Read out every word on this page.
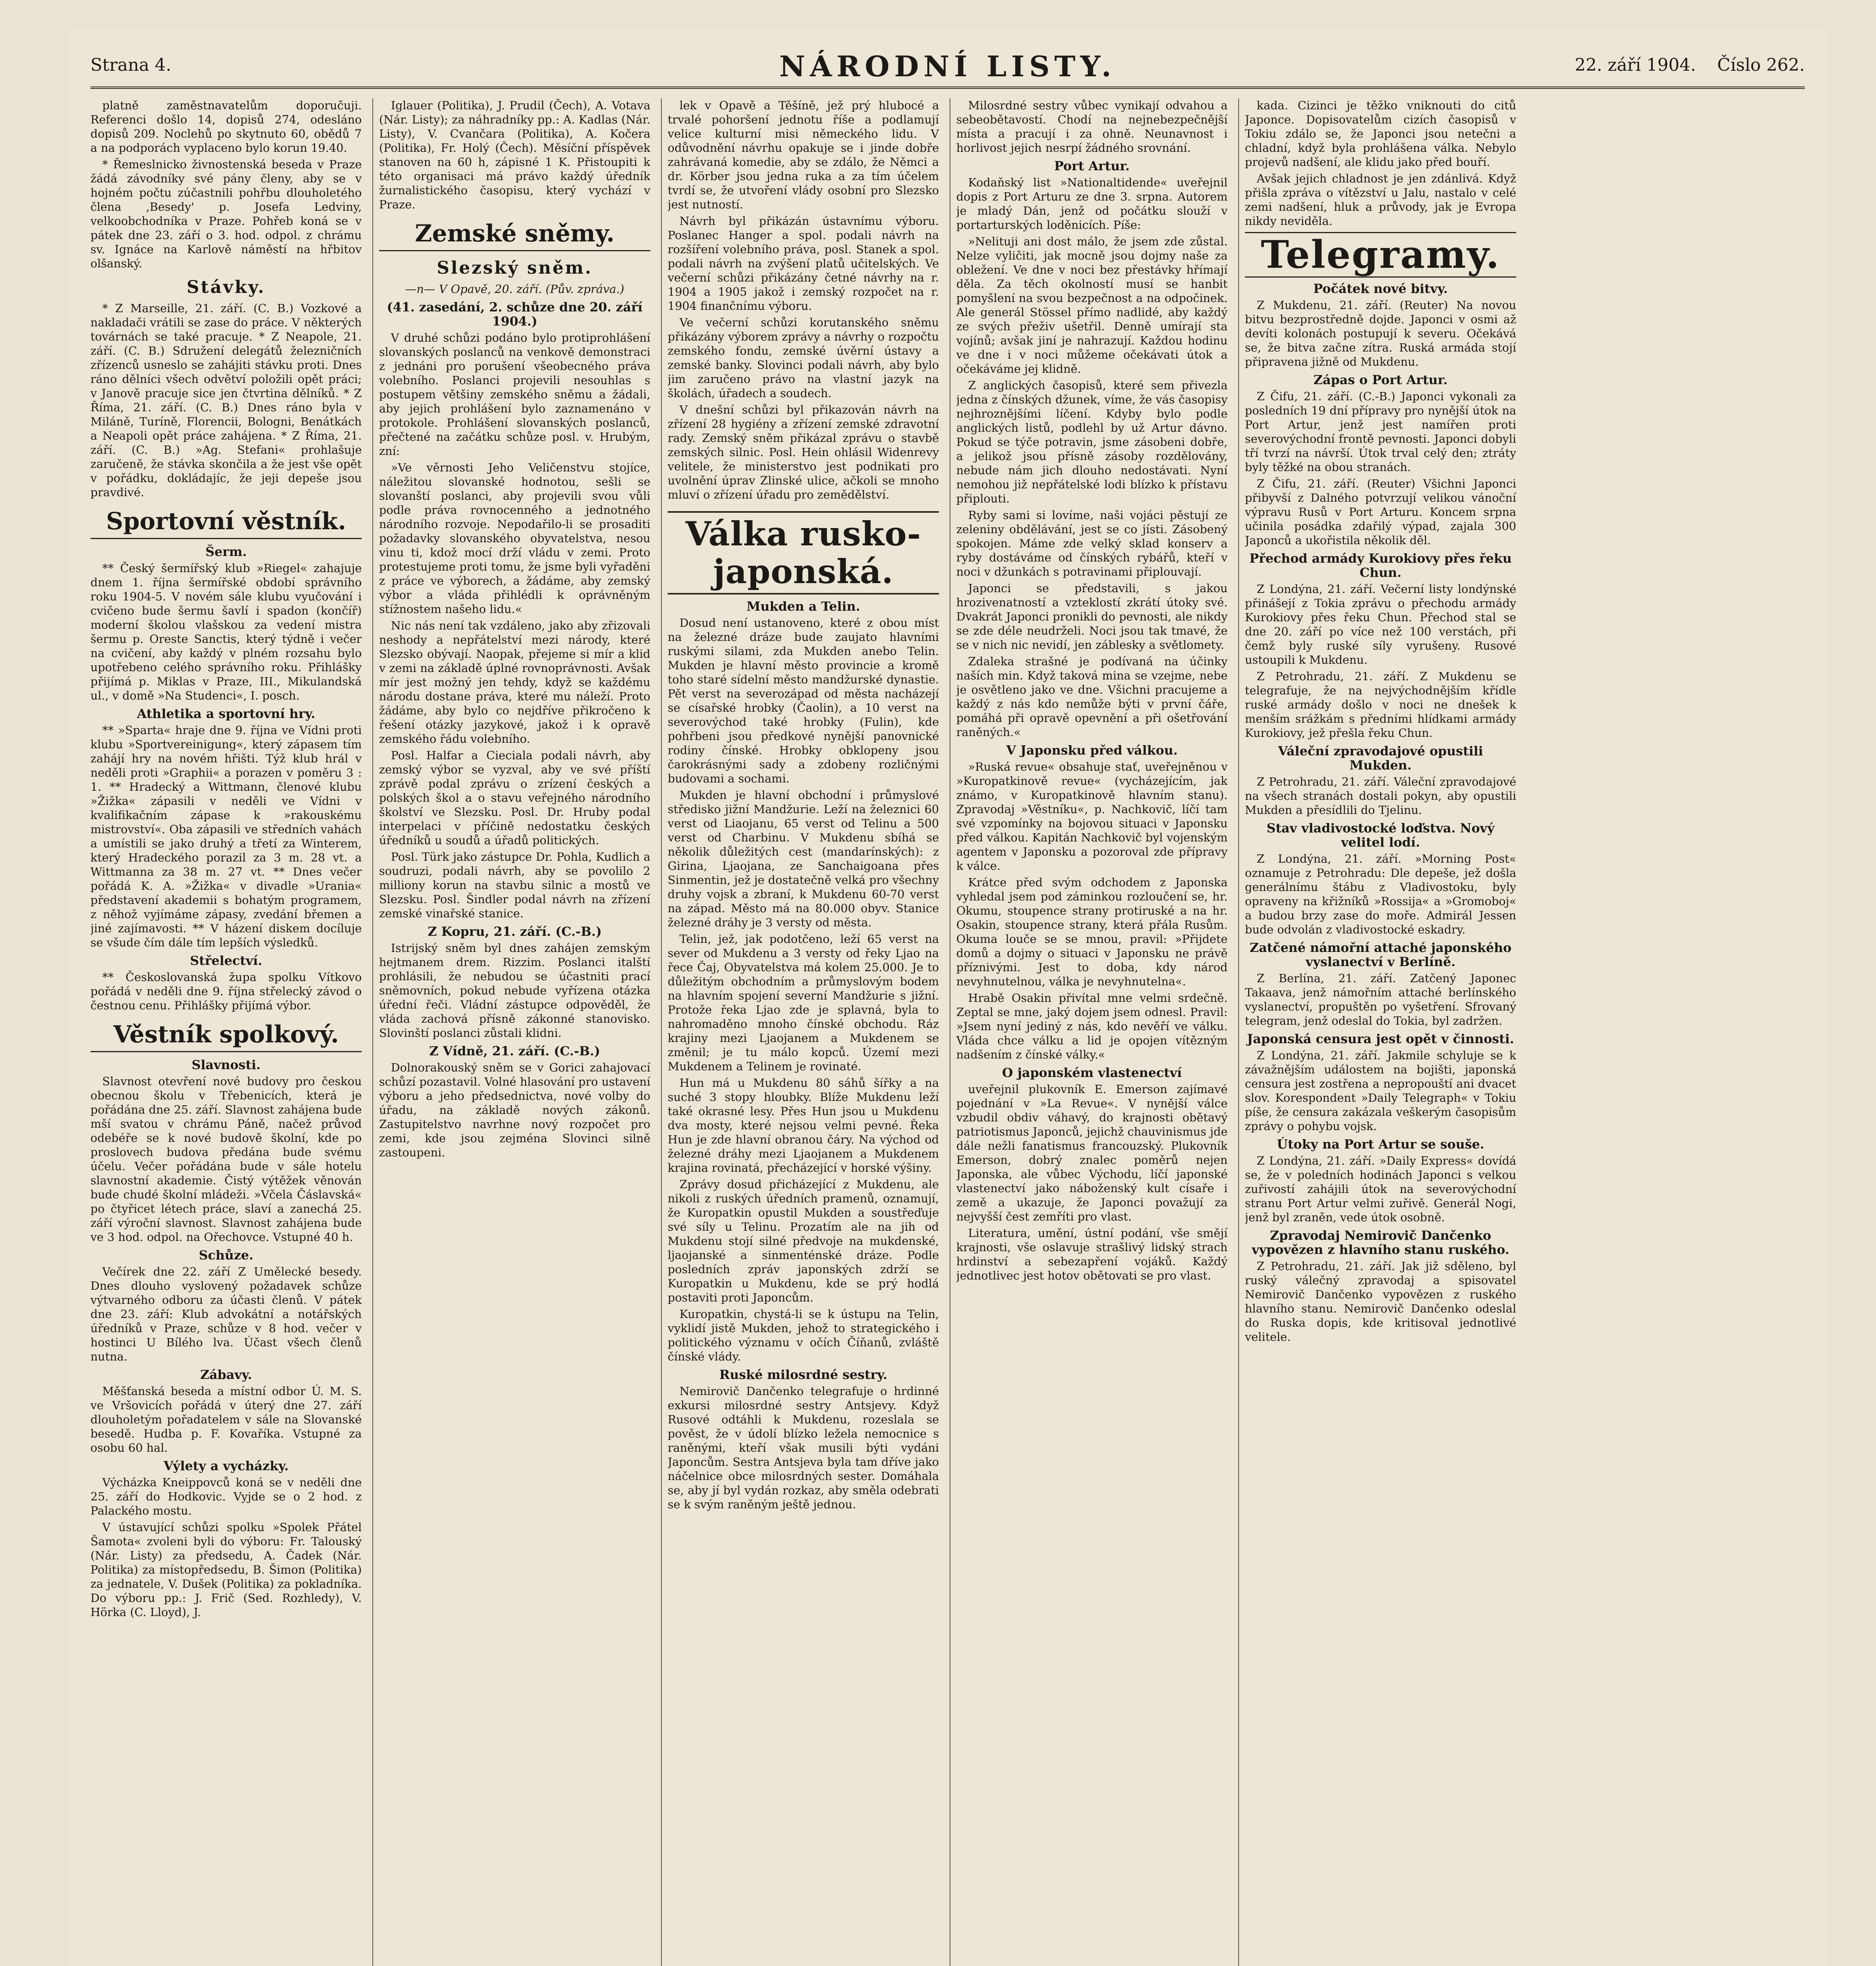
Strana 4.	NÁRODNÍ LISTY.	22. září 1904. Číslo 262.

platně zaměstnavatelům doporučuji. Referenci došlo 14, dopisů 274, odesláno dopisů 209. Noclehů po skytnuto 60, obědů 7 a na podporách vyplaceno bylo korun 19.40.

* Řemeslnicko živnostenská beseda v Praze žádá závodníky své pány členy, aby se v hojném počtu zúčastnili pohřbu dlouholetého člena ,Besedy' p. Josefa Ledviny, velkoobchodníka v Praze. Pohřeb koná se v pátek dne 23. září o 3. hod. odpol. z chrámu sv. Ignáce na Karlově náměstí na hřbitov olšanský.

Stávky.

* Z Marseille, 21. září. (C. B.) Vozkové a nakladači vrátili se zase do práce. V některých továrnách se také pracuje. * Z Neapole, 21. září. (C. B.) Sdružení delegátů železničních zřízenců usneslo se zahájiti stávku proti. Dnes ráno dělníci všech odvětví položili opět práci; v Janově pracuje sice jen čtvrtina dělníků. * Z Říma, 21. září. (C. B.) Dnes ráno byla v Miláně, Turíně, Florencii, Bologni, Benátkách a Neapoli opět práce zahájena. * Z Říma, 21. září. (C. B.) »Ag. Stefani« prohlašuje zaručeně, že stávka skončila a že jest vše opět v pořádku, dokládajíc, že jeji depeše jsou pravdivé.

Sportovní věstník.
Šerm.

** Český šermířský klub »Riegel« zahajuje dnem 1. října šermířské období správního roku 1904-5. V novém sále klubu vyučování i cvičeno bude šermu šavlí i spadon (končíř) moderní školou vlašskou za vedení mistra šermu p. Oreste Sanctis, který týdně i večer na cvičení, aby každý v plném rozsahu bylo upotřebeno celého správního roku. Přihlášky přijímá p. Miklas v Praze, III., Mikulandská ul., v domě »Na Studenci«, I. posch.

Athletika a sportovní hry.

** »Sparta« hraje dne 9. října ve Vídni proti klubu »Sportvereinigung«, který zápasem tím zahájí hry na novém hřišti. Týž klub hrál v neděli proti »Graphii« a porazen v poměru 3 : 1. ** Hradecký a Wittmann, členové klubu »Žižka« zápasili v neděli ve Vídni v kvalifikačním zápase k »rakouskému mistrovství«. Oba zápasili ve středních vahách a umístili se jako druhý a třetí za Winterem, který Hradeckého porazil za 3 m. 28 vt. a Wittmanna za 38 m. 27 vt. ** Dnes večer pořádá K. A. »Žižka« v divadle »Urania« představení akademii s bohatým programem, z něhož vyjímáme zápasy, zvedání břemen a jiné zajímavosti. ** V házení diskem docíluje se všude čím dále tím lepších výsledků.

Střelectví.

** Českoslovanská župa spolku Vítkovo pořádá v neděli dne 9. října střelecký závod o čestnou cenu. Přihlášky přijímá výbor.

Věstník spolkový.
Slavnosti.

Slavnost otevření nové budovy pro českou obecnou školu v Třebenicích, která je pořádána dne 25. září. Slavnost zahájena bude mší svatou v chrámu Páně, načež průvod odebéře se k nové budově školní, kde po proslovech budova předána bude svému účelu. Večer pořádána bude v sále hotelu slavnostní akademie. Čistý výtěžek věnován bude chudé školní mládeži. »Včela Čáslavská« po čtyřicet létech práce, slaví a zanechá 25. září výroční slavnost. Slavnost zahájena bude ve 3 hod. odpol. na Ořechovce. Vstupné 40 h.

Schůze.

Večírek dne 22. září Z Umělecké besedy. Dnes dlouho vyslovený požadavek schůze výtvarného odboru za účasti členů. V pátek dne 23. září: Klub advokátní a notářských úředníků v Praze, schůze v 8 hod. večer v hostinci U Bílého lva. Účast všech členů nutna.

Zábavy.

Měšťanská beseda a místní odbor Ú. M. S. ve Vršovicích pořádá v úterý dne 27. září dlouholetým pořadatelem v sále na Slovanské besedě. Hudba p. F. Kovaříka. Vstupné za osobu 60 hal.

Výlety a vycházky.

Výcházka Kneippovců koná se v neděli dne 25. září do Hodkovic. Vyjde se o 2 hod. z Palackého mostu.

V ústavující schůzi spolku »Spolek Přátel Šamota« zvoleni byli do výboru: Fr. Talouský (Nár. Listy) za předsedu, A. Čadek (Nár. Politika) za místopředsedu, B. Šimon (Politika) za jednatele, V. Dušek (Politika) za pokladníka. Do výboru pp.: J. Frič (Sed. Rozhledy), V. Hörka (C. Lloyd), J.

Iglauer (Politika), J. Prudil (Čech), A. Votava (Nár. Listy); za náhradníky pp.: A. Kadlas (Nár. Listy), V. Cvančara (Politika), A. Kočera (Politika), Fr. Holý (Čech). Měsíční příspěvek stanoven na 60 h, zápisné 1 K. Přistoupiti k této organisaci má právo každý úředník žurnalistického časopisu, který vychází v Praze.

Zemské sněmy.
Slezský sněm.
—n— V Opavě, 20. září. (Pův. zpráva.)
(41. zasedání, 2. schůze dne 20. září 1904.)

V druhé schůzi podáno bylo protiprohlášení slovanských poslanců na venkově demonstraci z jednáni pro porušení všeobecného práva volebního. Poslanci projevili nesouhlas s postupem většiny zemského sněmu a žádali, aby jejich prohlášení bylo zaznamenáno v protokole. Prohlášení slovanských poslanců, přečtené na začátku schůze posl. v. Hrubým, zní:

»Ve věrnosti Jeho Veličenstvu stojíce, náležitou slovanské hodnotou, sešli se slovanští poslanci, aby projevili svou vůli podle práva rovnocenného a jednotného národního rozvoje. Nepodařilo-li se prosaditi požadavky slovanského obyvatelstva, nesou vinu ti, kdož mocí drží vládu v zemi. Proto protestujeme proti tomu, že jsme byli vyřaděni z práce ve výborech, a žádáme, aby zemský výbor a vláda přihlédli k oprávněným stížnostem našeho lidu.«

Nic nás není tak vzdáleno, jako aby zřizovali neshody a nepřátelství mezi národy, které Slezsko obývají. Naopak, přejeme si mír a klid v zemi na základě úplné rovnoprávnosti. Avšak mír jest možný jen tehdy, když se každému národu dostane práva, které mu náleží. Proto žádáme, aby bylo co nejdříve přikročeno k řešení otázky jazykové, jakož i k opravě zemského řádu volebního.

Posl. Halfar a Cieciala podali návrh, aby zemský výbor se vyzval, aby ve své příští zprávě podal zprávu o zrízení českých a polských škol a o stavu veřejného národního školství ve Slezsku. Posl. Dr. Hruby podal interpelaci v příčině nedostatku českých úředníků u soudů a úřadů politických.

Posl. Türk jako zástupce Dr. Pohla, Kudlich a soudruzi, podali návrh, aby se povolilo 2 milliony korun na stavbu silnic a mostů ve Slezsku. Posl. Šindler podal návrh na zřízení zemské vinařské stanice.

Z Kopru, 21. září. (C.-B.)

Istrijský sněm byl dnes zahájen zemským hejtmanem drem. Rizzim. Poslanci italští prohlásili, že nebudou se účastniti prací sněmovních, pokud nebude vyřízena otázka úřední řeči. Vládní zástupce odpověděl, že vláda zachová přísně zákonné stanovisko. Slovinští poslanci zůstali klidni.

Z Vídně, 21. září. (C.-B.)

Dolnorakouský sněm se v Gorici zahajovací schůzí pozastavil. Volné hlasování pro ustavení výboru a jeho předsednictva, nové volby do úřadu, na základě nových zákonů. Zastupitelstvo navrhne nový rozpočet pro zemi, kde jsou zejména Slovinci silně zastoupeni.

lek v Opavě a Těšíně, jež prý hlubocé a trvalé pohoršení jednotu říše a podlamují velice kulturní misi německého lidu. V odůvodnění návrhu opakuje se i jinde dobře zahrávaná komedie, aby se zdálo, že Němci a dr. Körber jsou jedna ruka a za tím účelem tvrdí se, že utvoření vlády osobní pro Slezsko jest nutností.

Návrh byl přikázán ústavnímu výboru. Poslanec Hanger a spol. podali návrh na rozšíření volebního práva, posl. Stanek a spol. podali návrh na zvýšení platů učitelských. Ve večerní schůzi přikázány četné návrhy na r. 1904 a 1905 jakož i zemský rozpočet na r. 1904 finančnímu výboru.

Ve večerní schůzi korutanského sněmu přikázány výborem zprávy a návrhy o rozpočtu zemského fondu, zemské úvěrní ústavy a zemské banky. Slovinci podali návrh, aby bylo jim zaručeno právo na vlastní jazyk na školách, úřadech a soudech.

V dnešní schůzi byl přikazován návrh na zřízení 28 hygiény a zřízení zemské zdravotní rady. Zemský sněm přikázal zprávu o stavbě zemských silnic. Posl. Hein ohlásil Widenrevy velitele, že ministerstvo jest podnikati pro uvolnění úprav Zlinské ulice, ačkoli se mnoho mluví o zřízení úřadu pro zemědělství.

Válka rusko-japonská.
Mukden a Telin.

Dosud není ustanoveno, které z obou míst na železné dráze bude zaujato hlavními ruskými silami, zda Mukden anebo Telin. Mukden je hlavní město provincie a kromě toho staré sídelní město mandžurské dynastie. Pět verst na severozápad od města nacházejí se císařské hrobky (Čaolin), a 10 verst na severovýchod také hrobky (Fulin), kde pohřbeni jsou předkové nynější panovnické rodiny čínské. Hrobky obklopeny jsou čarokrásnými sady a zdobeny rozličnými budovami a sochami.

Mukden je hlavní obchodní i průmyslové středisko jižní Mandžurie. Leží na železnici 60 verst od Liaojanu, 65 verst od Telinu a 500 verst od Charbinu. V Mukdenu sbíhá se několik důležitých cest (mandarínských): z Girina, Ljaojana, ze Sanchaigoana přes Sinmentin, jež je dostatečně velká pro všechny druhy vojsk a zbraní, k Mukdenu 60-70 verst na západ. Město má na 80.000 obyv. Stanice železné dráhy je 3 versty od města.

Telin, jež, jak podotčeno, leží 65 verst na sever od Mukdenu a 3 versty od řeky Ljao na řece Čaj, Obyvatelstva má kolem 25.000. Je to důležitým obchodním a průmyslovým bodem na hlavním spojení severní Mandžurie s jižní. Protože řeka Ljao zde je splavná, byla to nahromaděno mnoho čínské obchodu. Ráz krajiny mezi Ljaojanem a Mukdenem se změnil; je tu málo kopců. Území mezi Mukdenem a Telinem je rovinaté.

Hun má u Mukdenu 80 sáhů šířky a na suché 3 stopy hloubky. Blíže Mukdenu leží také okrasné lesy. Přes Hun jsou u Mukdenu dva mosty, které nejsou velmi pevné. Řeka Hun je zde hlavní obranou čáry. Na východ od železné dráhy mezi Ljaojanem a Mukdenem krajina rovinatá, přecházející v horské výšiny.

Zprávy dosud přicházející z Mukdenu, ale nikoli z ruských úředních pramenů, oznamují, že Kuropatkin opustil Mukden a soustřeďuje své síly u Telinu. Prozatím ale na jih od Mukdenu stojí silné předvoje na mukdenské, ljaojanské a sinmenténské dráze. Podle posledních zpráv japonských zdrží se Kuropatkin u Mukdenu, kde se prý hodlá postaviti proti Japoncům.

Kuropatkin, chystá-li se k ústupu na Telin, vyklidí jistě Mukden, jehož to strategického i politického významu v očích Číňanů, zvláště čínské vlády.

Ruské milosrdné sestry.

Nemirovič Dančenko telegrafuje o hrdinné exkursi milosrdné sestry Antsjevy. Když Rusové odtáhli k Mukdenu, rozeslala se pověst, že v údolí blízko ležela nemocnice s raněnými, kteří však musili býti vydáni Japoncům. Sestra Antsjeva byla tam dříve jako náčelnice obce milosrdných sester. Domáhala se, aby jí byl vydán rozkaz, aby směla odebrati se k svým raněným ještě jednou.

Milosrdné sestry vůbec vynikají odvahou a sebeobětavostí. Chodí na nejnebezpečnější místa a pracují i za ohně. Neunavnost i horlivost jejich nesrpí žádného srovnání.

Port Artur.

Kodaňský list »Nationaltidende« uveřejnil dopis z Port Arturu ze dne 3. srpna. Autorem je mladý Dán, jenž od počátku slouží v portarturských loděnicích. Píše:

»Nelituji ani dost málo, že jsem zde zůstal. Nelze vyličiti, jak mocně jsou dojmy naše za obležení. Ve dne v noci bez přestávky hřímají děla. Za těch okolností musí se hanbit pomyšlení na svou bezpečnost a na odpočinek. Ale generál Stössel přímo nadlidé, aby každý ze svých přeživ ušetřil. Denně umírají sta vojínů; avšak jiní je nahrazují. Každou hodinu ve dne i v noci můžeme očekávati útok a očekáváme jej klidně.

Z anglických časopisů, které sem přivezla jedna z čínských džunek, víme, že vás časopisy nejhroznějšími líčení. Kdyby bylo podle anglických listů, podlehl by už Artur dávno. Pokud se týče potravin, jsme zásobeni dobře, a jelikož jsou přísně zásoby rozdělovány, nebude nám jich dlouho nedostávati. Nyní nemohou již nepřátelské lodi blízko k přístavu připlouti.

Ryby sami si lovíme, naši vojáci pěstují ze zeleniny obdělávání, jest se co jísti. Zásobený spokojen. Máme zde velký sklad konserv a ryby dostáváme od čínských rybářů, kteří v noci v džunkách s potravinami připlouvají.

Japonci se představili, s jakou hrozivenatností a vzteklostí zkrátí útoky své. Dvakrát Japonci pronikli do pevnosti, ale nikdy se zde déle neudrželi. Noci jsou tak tmavé, že se v nich nic nevidí, jen záblesky a světlomety.

Zdaleka strašné je podívaná na účinky naších min. Když taková mina se vzejme, nebe je osvětleno jako ve dne. Všichni pracujeme a každý z nás kdo nemůže býti v první čáře, pomáhá při opravě opevnění a při ošetřování raněných.«

V Japonsku před válkou.

»Ruská revue« obsahuje stať, uveřejněnou v »Kuropatkinově revue« (vycházejícím, jak známo, v Kuropatkinově hlavním stanu). Zpravodaj »Věstníku«, p. Nachkovič, líčí tam své vzpomínky na bojovou situaci v Japonsku před válkou. Kapitán Nachkovič byl vojenským agentem v Japonsku a pozoroval zde přípravy k válce.

Krátce před svým odchodem z Japonska vyhledal jsem pod záminkou rozloučení se, hr. Okumu, stoupence strany protiruské a na hr. Osakin, stoupence strany, která přála Rusům. Okuma louče se se mnou, pravil: »Přijdete domů a dojmy o situaci v Japonsku ne právě příznivými. Jest to doba, kdy národ nevyhnutelnou, válka je nevyhnutelna«.

Hrabě Osakin přivítal mne velmi srdečně. Zeptal se mne, jaký dojem jsem odnesl. Pravil: »Jsem nyní jediný z nás, kdo nevěří ve válku. Vláda chce válku a lid je opojen vítězným nadšením z čínské války.«

O japonském vlastenectví

uveřejnil plukovník E. Emerson zajímavé pojednání v »La Revue«. V nynější válce vzbudil obdiv váhavý, do krajnosti obětavý patriotismus Japonců, jejichž chauvinismus jde dále nežli fanatismus francouzský. Plukovník Emerson, dobrý znalec poměrů nejen Japonska, ale vůbec Východu, líčí japonské vlastenectví jako náboženský kult císaře i země a ukazuje, že Japonci považují za nejvyšší čest zemříti pro vlast.

Literatura, umění, ústní podání, vše smějí krajnosti, vše oslavuje strašlivý lidský strach hrdinství a sebezapření vojáků. Každý jednotlivec jest hotov obětovati se pro vlast.

kada. Cizinci je těžko vniknouti do citů Japonce. Dopisovatelům cizích časopisů v Tokiu zdálo se, že Japonci jsou netečni a chladní, když byla prohlášena válka. Nebylo projevů nadšení, ale klidu jako před bouří.

Avšak jejich chladnost je jen zdánlivá. Když přišla zpráva o vítězství u Jalu, nastalo v celé zemi nadšení, hluk a průvody, jak je Evropa nikdy neviděla.

Telegramy.
Počátek nové bitvy.

Z Mukdenu, 21. září. (Reuter) Na novou bitvu bezprostředně dojde. Japonci v osmi až devíti kolonách postupují k severu. Očekává se, že bitva začne zítra. Ruská armáda stojí připravena jižně od Mukdenu.

Zápas o Port Artur.

Z Čifu, 21. září. (C.-B.) Japonci vykonali za posledních 19 dní přípravy pro nynější útok na Port Artur, jenž jest namířen proti severovýchodní frontě pevnosti. Japonci dobyli tří tvrzí na návrší. Útok trval celý den; ztráty byly těžké na obou stranách.

Z Čifu, 21. září. (Reuter) Všichni Japonci přibyvší z Dalného potvrzují velikou vánoční výpravu Rusů v Port Arturu. Koncem srpna učinila posádka zdařilý výpad, zajala 300 Japonců a ukořistila několik děl.

Přechod armády Kurokiovy přes řeku Chun.

Z Londýna, 21. září. Večerní listy londýnské přinášejí z Tokia zprávu o přechodu armády Kurokiovy přes řeku Chun. Přechod stal se dne 20. září po více než 100 verstách, při čemž byly ruské síly vyrušeny. Rusové ustoupili k Mukdenu.

Z Petrohradu, 21. září. Z Mukdenu se telegrafuje, že na nejvýchodnějším křídle ruské armády došlo v noci ne dnešek k menším srážkám s předními hlídkami armády Kurokiovy, jež přešla řeku Chun.

Váleční zpravodajové opustili Mukden.

Z Petrohradu, 21. září. Váleční zpravodajové na všech stranách dostali pokyn, aby opustili Mukden a přesídlili do Tjelinu.

Stav vladivostocké loďstva. Nový velitel lodí.

Z Londýna, 21. září. »Morning Post« oznamuje z Petrohradu: Dle depeše, jež došla generálnímu štábu z Vladivostoku, byly opraveny na křižníků »Rossija« a »Gromoboj« a budou brzy zase do moře. Admirál Jessen bude odvolán z vladivostocké eskadry.

Zatčené námořní attaché japonského vyslanectví v Berlíně.

Z Berlína, 21. září. Zatčený Japonec Takaava, jenž námořním attaché berlínského vyslanectví, propuštěn po vyšetření. Sfrovaný telegram, jenž odeslal do Tokia, byl zadržen.

Japonská censura jest opět v činnosti.

Z Londýna, 21. září. Jakmile schyluje se k závažnějším událostem na bojišti, japonská censura jest zostřena a nepropouští ani dvacet slov. Korespondent »Daily Telegraph« v Tokiu píše, že censura zakázala veškerým časopisům zprávy o pohybu vojsk.

Útoky na Port Artur se souše.

Z Londýna, 21. září. »Daily Express« dovídá se, že v poledních hodinách Japonci s velkou zuřivostí zahájili útok na severovýchodní stranu Port Artur velmi zuřivě. Generál Nogi, jenž byl zraněn, vede útok osobně.

Zpravodaj Nemirovič Dančenko vypovězen z hlavního stanu ruského.

Z Petrohradu, 21. září. Jak již sděleno, byl ruský válečný zpravodaj a spisovatel Nemirovič Dančenko vypovězen z ruského hlavního stanu. Nemirovič Dančenko odeslal do Ruska dopis, kde kritisoval jednotlivé velitele.
